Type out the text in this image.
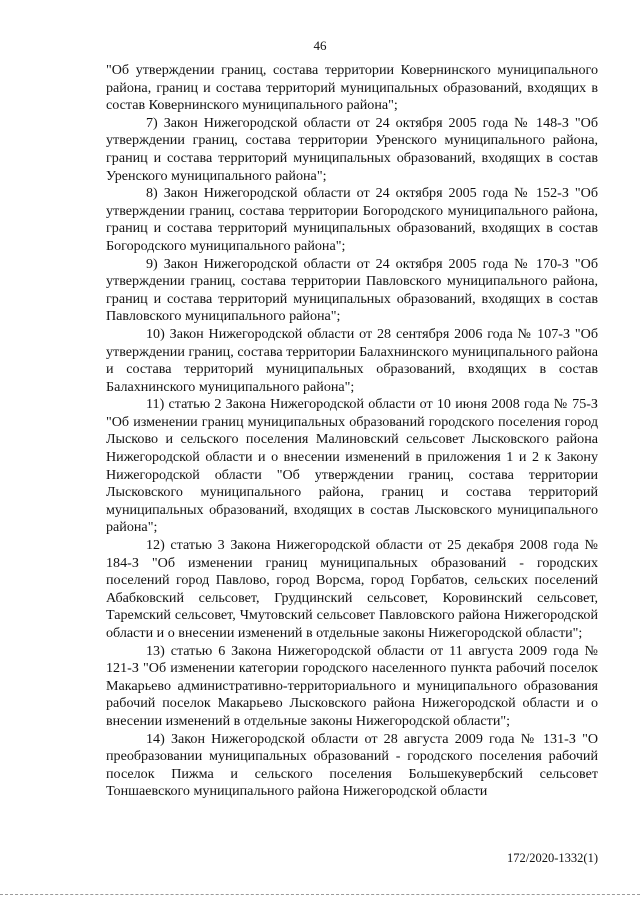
46

"Об утверждении границ, состава территории Ковернинского муниципального района, границ и состава территорий муниципальных образований, входящих в состав Ковернинского муниципального района";

7) Закон Нижегородской области от 24 октября 2005 года № 148-З "Об утверждении границ, состава территории Уренского муниципального района, границ и состава территорий муниципальных образований, входящих в состав Уренского муниципального района";

8) Закон Нижегородской области от 24 октября 2005 года № 152-З "Об утверждении границ, состава территории Богородского муниципального района, границ и состава территорий муниципальных образований, входящих в состав Богородского муниципального района";

9) Закон Нижегородской области от 24 октября 2005 года № 170-З "Об утверждении границ, состава территории Павловского муниципального района, границ и состава территорий муниципальных образований, входящих в состав Павловского муниципального района";

10) Закон Нижегородской области от 28 сентября 2006 года № 107-З "Об утверждении границ, состава территории Балахнинского муниципального района и состава территорий муниципальных образований, входящих в состав Балахнинского муниципального района";

11) статью 2 Закона Нижегородской области от 10 июня 2008 года № 75-З "Об изменении границ муниципальных образований городского поселения город Лысково и сельского поселения Малиновский сельсовет Лысковского района Нижегородской области и о внесении изменений в приложения 1 и 2 к Закону Нижегородской области "Об утверждении границ, состава территории Лысковского муниципального района, границ и состава территорий муниципальных образований, входящих в состав Лысковского муниципального района";

12) статью 3 Закона Нижегородской области от 25 декабря 2008 года № 184-З "Об изменении границ муниципальных образований - городских поселений город Павлово, город Ворсма, город Горбатов, сельских поселений Абабковский сельсовет, Грудцинский сельсовет, Коровинский сельсовет, Таремский сельсовет, Чмутовский сельсовет Павловского района Нижегородской области и о внесении изменений в отдельные законы Нижегородской области";

13) статью 6 Закона Нижегородской области от 11 августа 2009 года № 121-З "Об изменении категории городского населенного пункта рабочий поселок Макарьево административно-территориального и муниципального образования рабочий поселок Макарьево Лысковского района Нижегородской области и о внесении изменений в отдельные законы Нижегородской области";

14) Закон Нижегородской области от 28 августа 2009 года № 131-З "О преобразовании муниципальных образований - городского поселения рабочий поселок Пижма и сельского поселения Большекувербский сельсовет Тоншаевского муниципального района Нижегородской области

172/2020-1332(1)
